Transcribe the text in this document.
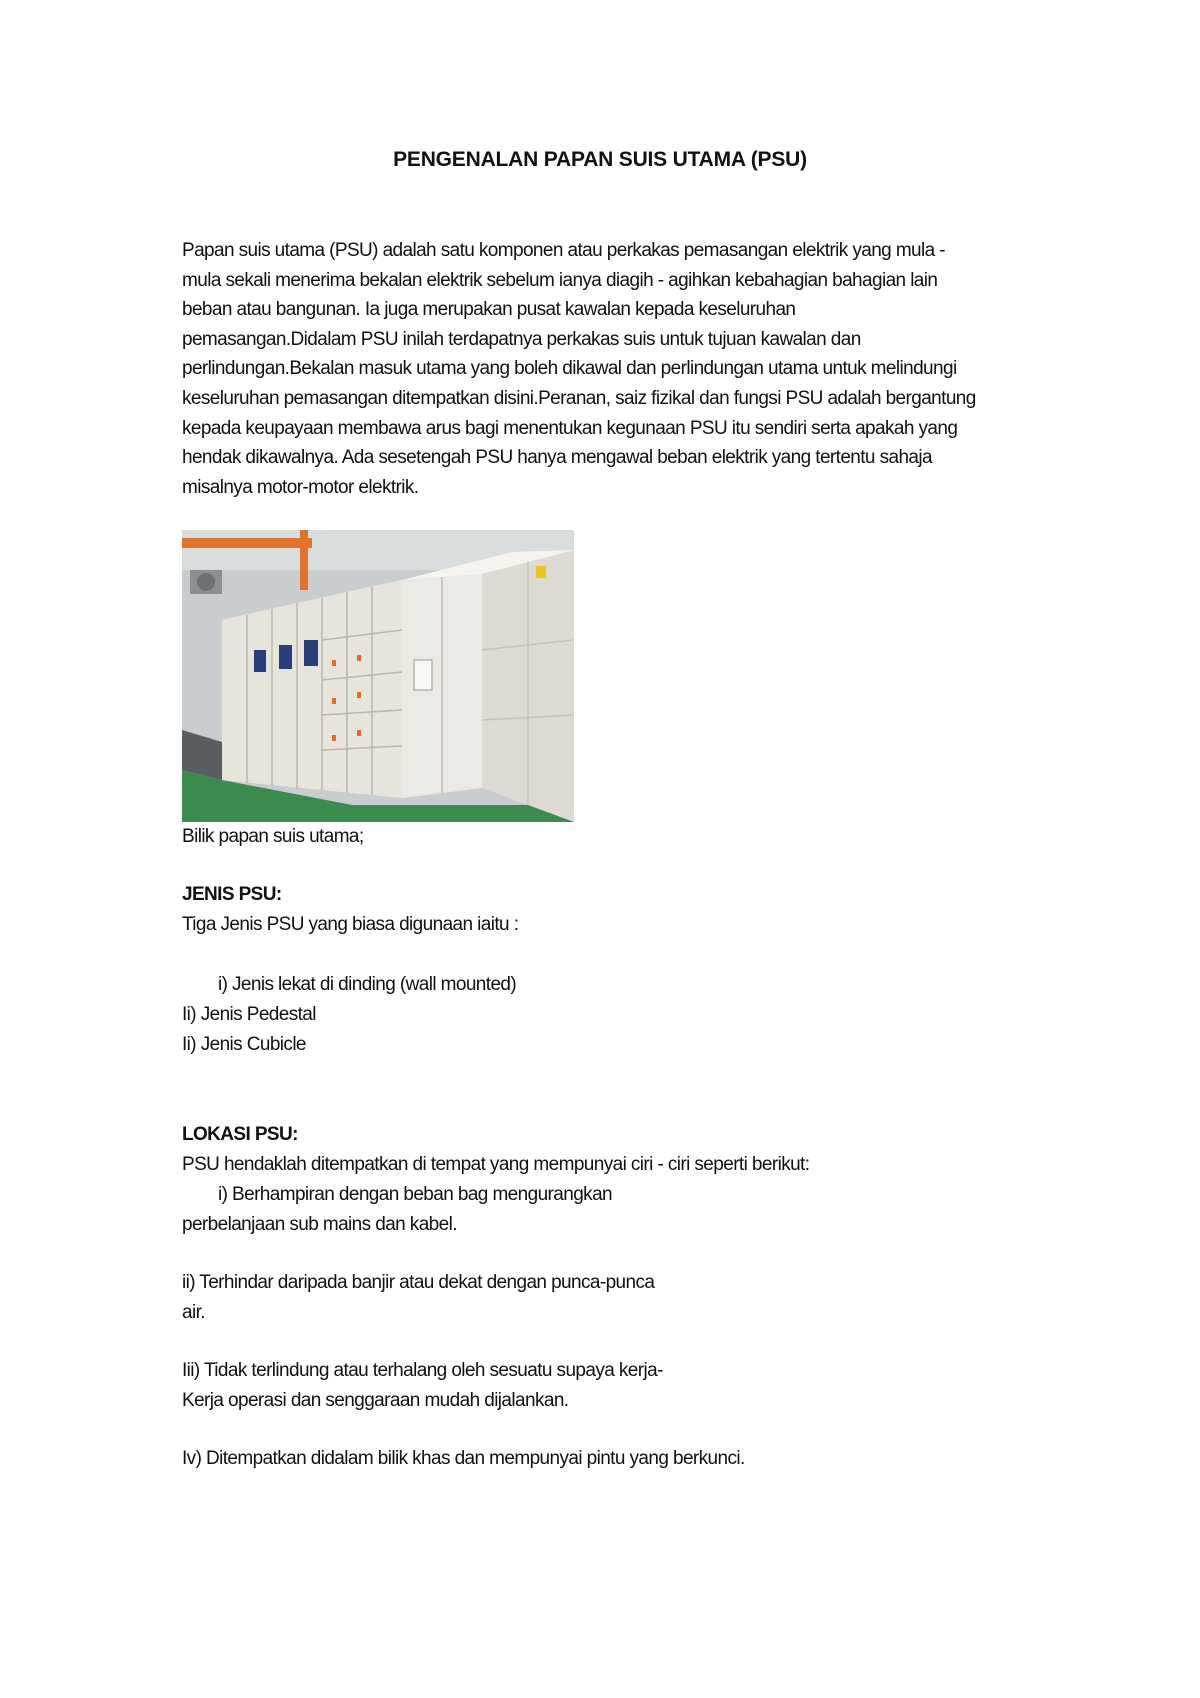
PENGENALAN PAPAN SUIS UTAMA (PSU)
Papan suis utama (PSU) adalah satu komponen atau perkakas pemasangan elektrik yang mula -
mula sekali menerima bekalan elektrik sebelum ianya diagih - agihkan kebahagian bahagian lain
beban atau bangunan. Ia juga merupakan pusat kawalan kepada keseluruhan
pemasangan.Didalam PSU inilah terdapatnya perkakas suis untuk tujuan kawalan dan
perlindungan.Bekalan masuk utama yang boleh dikawal dan perlindungan utama untuk melindungi
keseluruhan pemasangan ditempatkan disini.Peranan, saiz fizikal dan fungsi PSU adalah bergantung
kepada keupayaan membawa arus bagi menentukan kegunaan PSU itu sendiri serta apakah yang
hendak dikawalnya. Ada sesetengah PSU hanya mengawal beban elektrik yang tertentu sahaja
misalnya motor-motor elektrik.
Bilik papan suis utama;
JENIS PSU:
Tiga Jenis PSU yang biasa digunaan iaitu :
i) Jenis lekat di dinding (wall mounted)
Ii) Jenis Pedestal
Ii) Jenis Cubicle
LOKASI PSU:
PSU hendaklah ditempatkan di tempat yang mempunyai ciri - ciri seperti berikut:
i) Berhampiran dengan beban bag mengurangkan
perbelanjaan sub mains dan kabel.
ii) Terhindar daripada banjir atau dekat dengan punca-punca
air.
Iii) Tidak terlindung atau terhalang oleh sesuatu supaya kerja-
Kerja operasi dan senggaraan mudah dijalankan.
Iv) Ditempatkan didalam bilik khas dan mempunyai pintu yang berkunci.
